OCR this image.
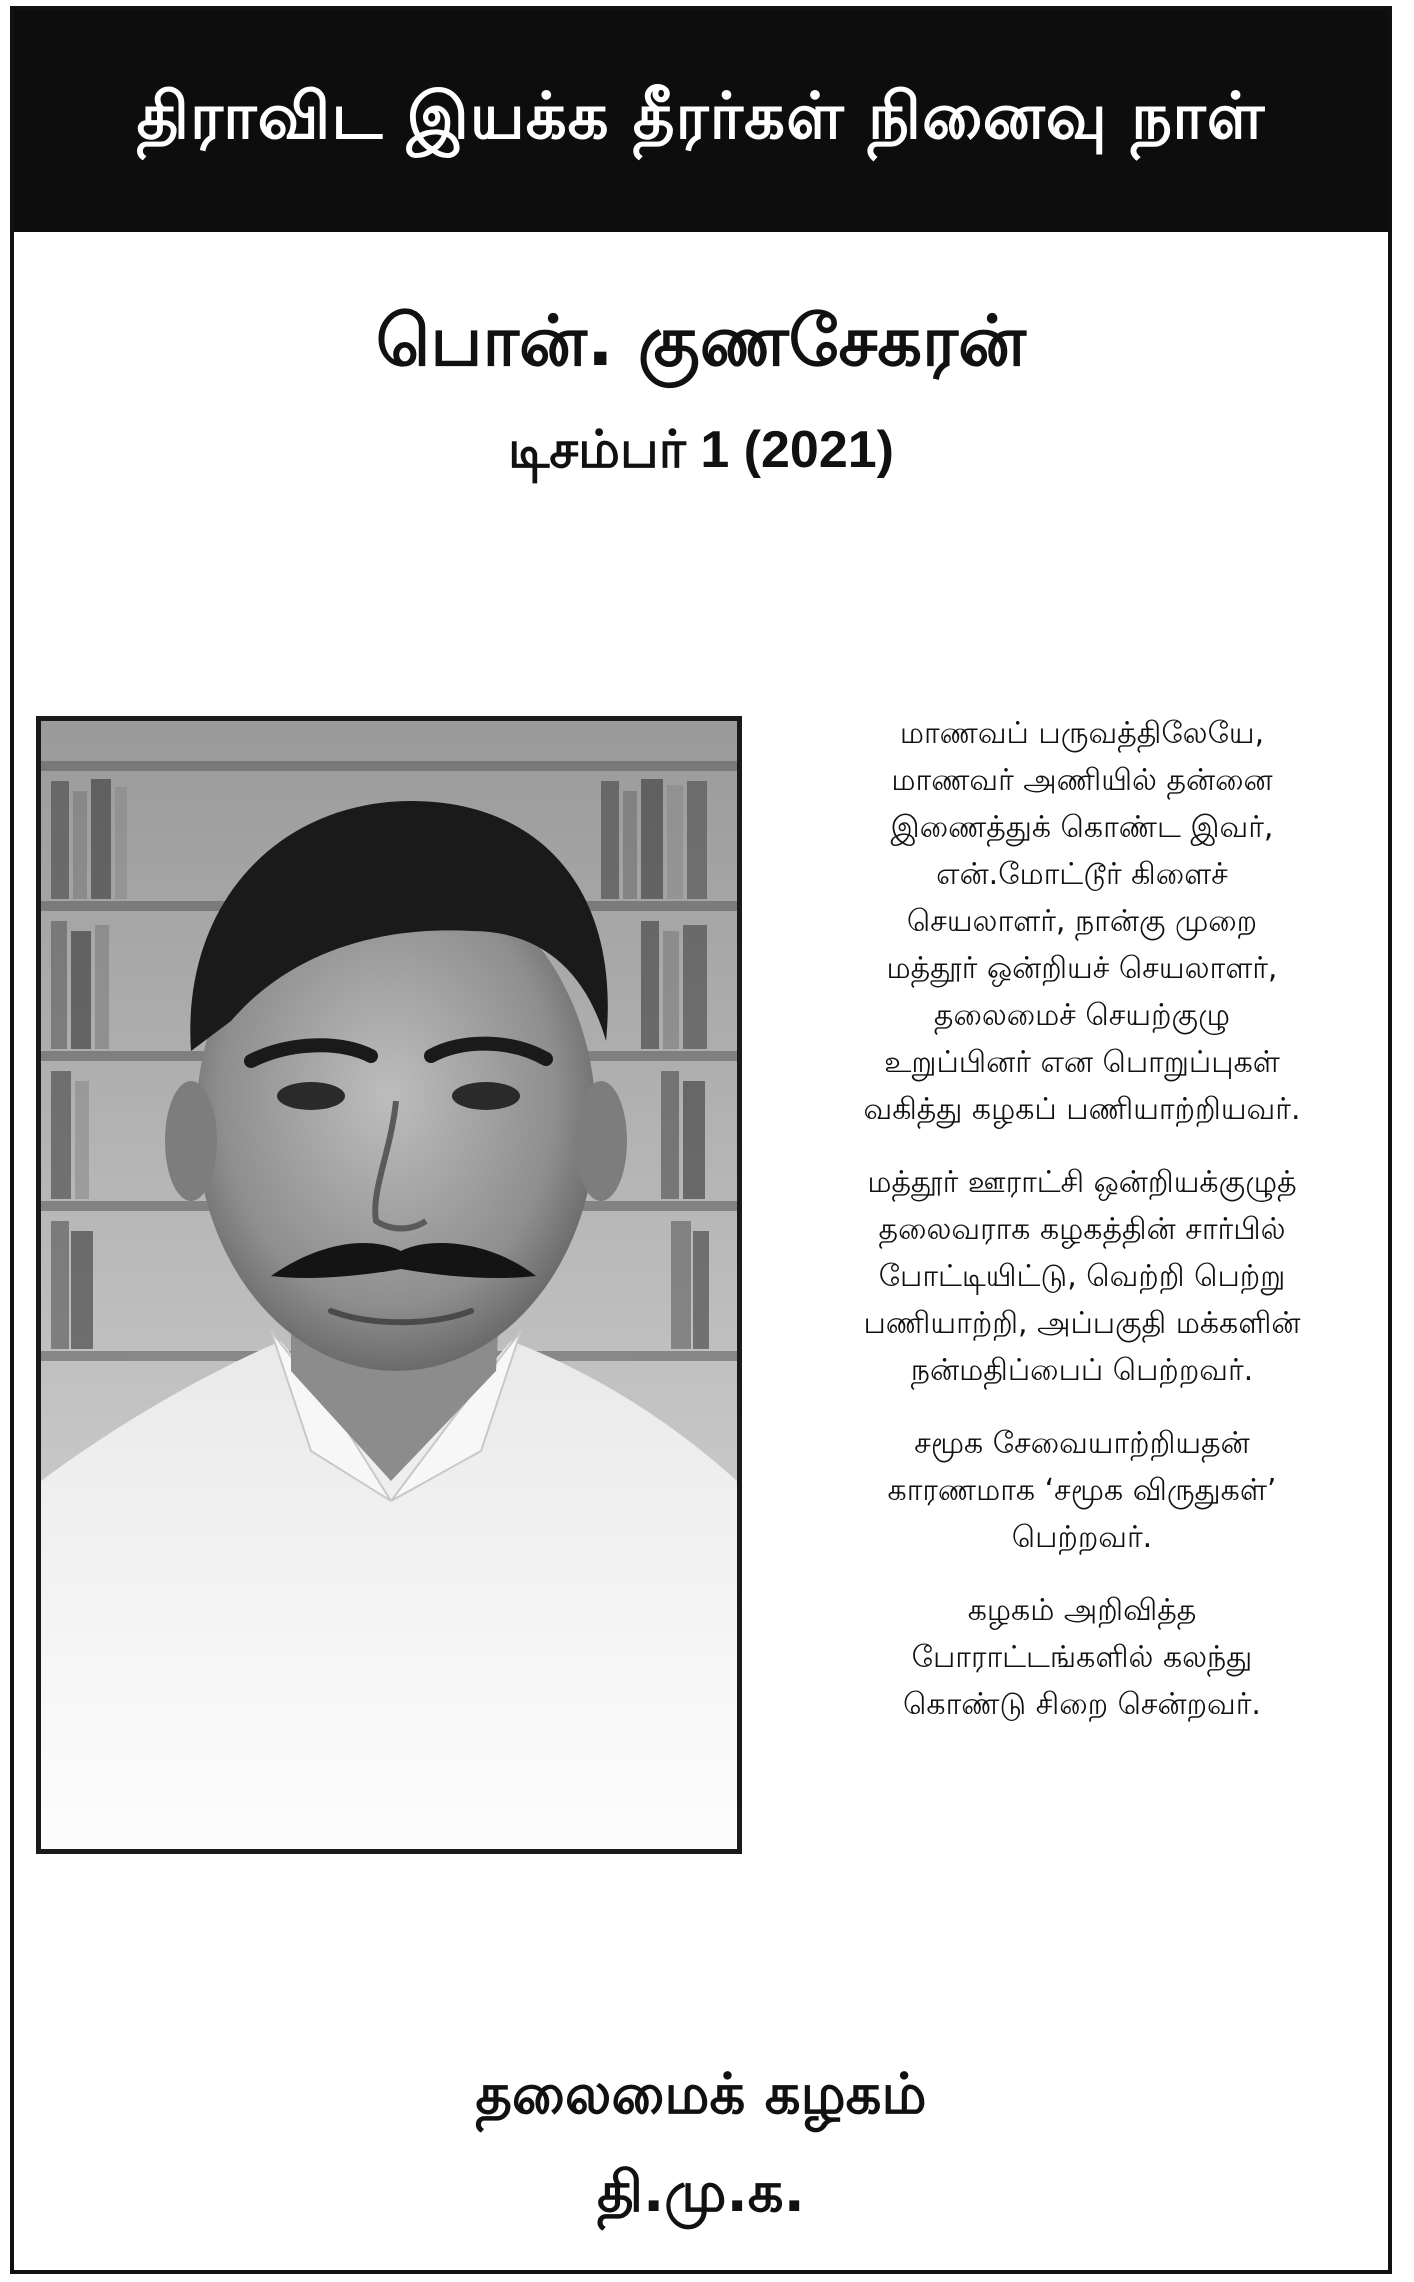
திராவிட இயக்க தீரர்கள் நினைவு நாள்
பொன். குணசேகரன்
டிசம்பர் 1 (2021)

மாணவப் பருவத்திலேயே,
மாணவர் அணியில் தன்னை
இணைத்துக் கொண்ட இவர்,
என்.மோட்டூர் கிளைச்
செயலாளர், நான்கு முறை
மத்தூர் ஒன்றியச் செயலாளர்,
தலைமைச் செயற்குழு
உறுப்பினர் என பொறுப்புகள்
வகித்து கழகப் பணியாற்றியவர்.

மத்தூர் ஊராட்சி ஒன்றியக்குழுத்
தலைவராக கழகத்தின் சார்பில்
போட்டியிட்டு, வெற்றி பெற்று
பணியாற்றி, அப்பகுதி மக்களின்
நன்மதிப்பைப் பெற்றவர்.

சமூக சேவையாற்றியதன்
காரணமாக ‘சமூக விருதுகள்’
பெற்றவர்.

கழகம் அறிவித்த
போராட்டங்களில் கலந்து
கொண்டு சிறை சென்றவர்.

தலைமைக் கழகம்
தி.மு.க.
